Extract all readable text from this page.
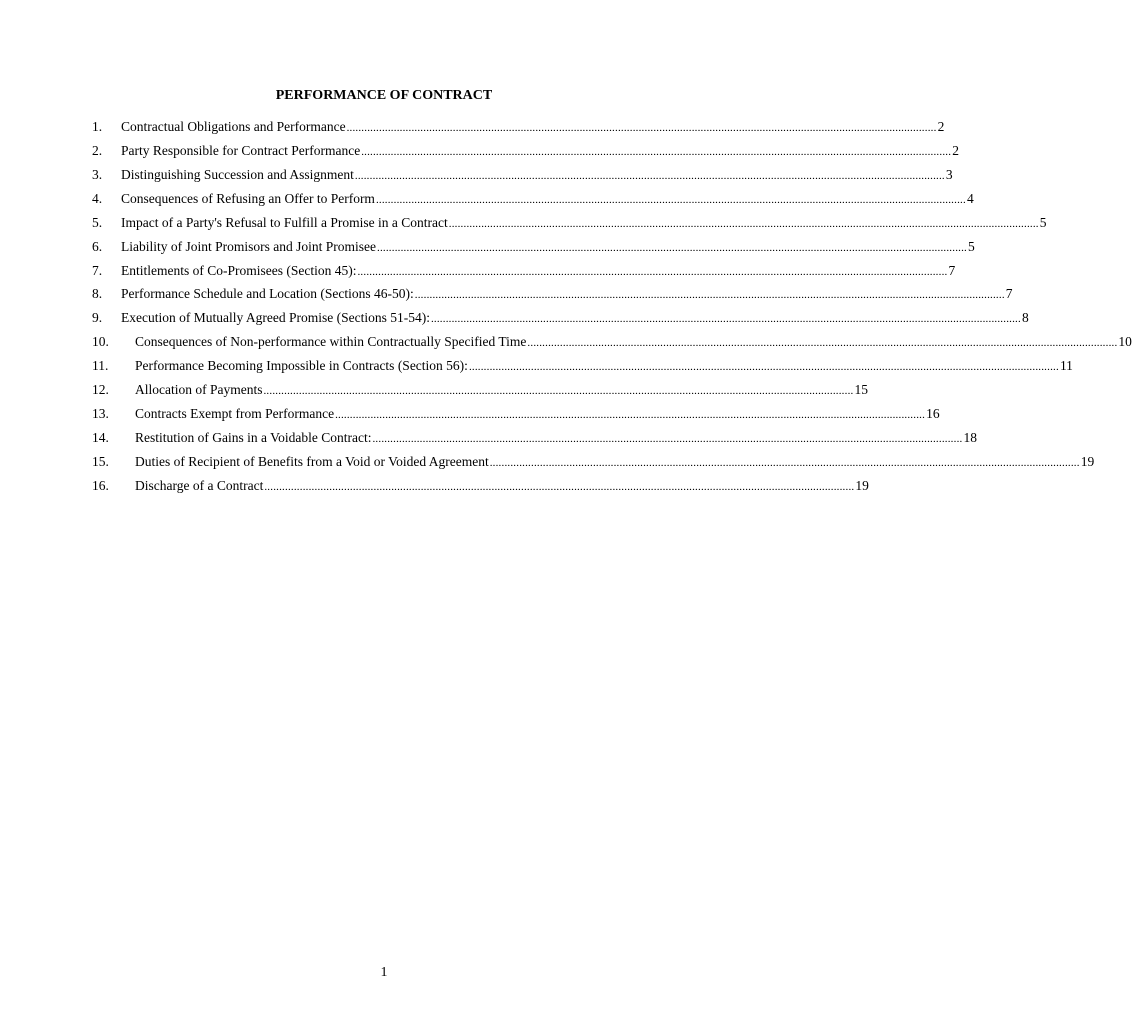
PERFORMANCE OF CONTRACT
1.	Contractual Obligations and Performance ........................................................................................................................................................................................................ 2
2.	Party Responsible for Contract Performance ........................................................................................................................................................................................................ 2
3.	Distinguishing Succession and Assignment ........................................................................................................................................................................................................ 3
4.	Consequences of Refusing an Offer to Perform ........................................................................................................................................................................................................ 4
5.	Impact of a Party's Refusal to Fulfill a Promise in a Contract ........................................................................................................................................................................................................ 5
6.	Liability of Joint Promisors and Joint Promisee ........................................................................................................................................................................................................ 5
7.	Entitlements of Co-Promisees (Section 45): ........................................................................................................................................................................................................ 7
8.	Performance Schedule and Location (Sections 46-50): ........................................................................................................................................................................................................ 7
9.	Execution of Mutually Agreed Promise (Sections 51-54): ........................................................................................................................................................................................................ 8
10.	Consequences of Non-performance within Contractually Specified Time ........................................................................................................................................................................................................ 10
11.	Performance Becoming Impossible in Contracts (Section 56): ........................................................................................................................................................................................................ 11
12.	Allocation of Payments ........................................................................................................................................................................................................ 15
13.	Contracts Exempt from Performance ........................................................................................................................................................................................................ 16
14.	Restitution of Gains in a Voidable Contract: ........................................................................................................................................................................................................ 18
15.	Duties of Recipient of Benefits from a Void or Voided Agreement ........................................................................................................................................................................................................ 19
16.	Discharge of a Contract ........................................................................................................................................................................................................ 19
1
